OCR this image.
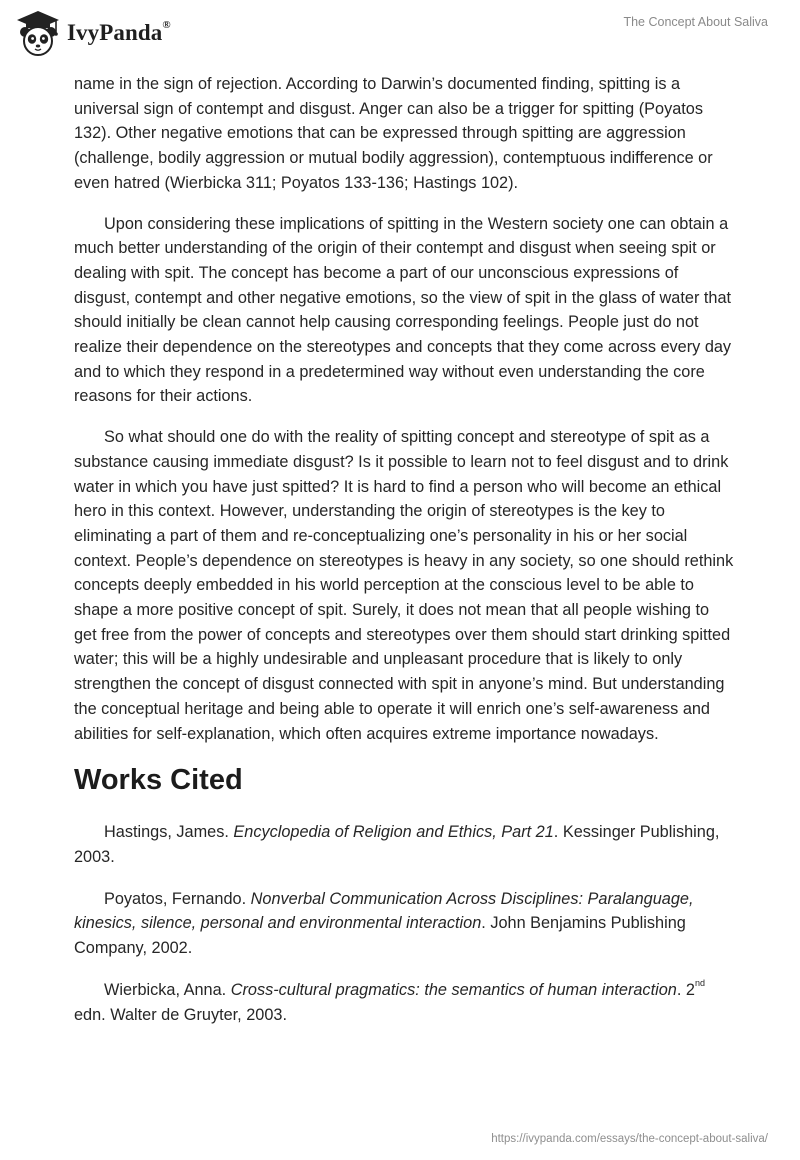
IvyPanda®	The Concept About Saliva

name in the sign of rejection. According to Darwin’s documented finding, spitting is a universal sign of contempt and disgust. Anger can also be a trigger for spitting (Poyatos 132). Other negative emotions that can be expressed through spitting are aggression (challenge, bodily aggression or mutual bodily aggression), contemptuous indifference or even hatred (Wierbicka 311; Poyatos 133-136; Hastings 102).

Upon considering these implications of spitting in the Western society one can obtain a much better understanding of the origin of their contempt and disgust when seeing spit or dealing with spit. The concept has become a part of our unconscious expressions of disgust, contempt and other negative emotions, so the view of spit in the glass of water that should initially be clean cannot help causing corresponding feelings. People just do not realize their dependence on the stereotypes and concepts that they come across every day and to which they respond in a predetermined way without even understanding the core reasons for their actions.

So what should one do with the reality of spitting concept and stereotype of spit as a substance causing immediate disgust? Is it possible to learn not to feel disgust and to drink water in which you have just spitted? It is hard to find a person who will become an ethical hero in this context. However, understanding the origin of stereotypes is the key to eliminating a part of them and re-conceptualizing one’s personality in his or her social context. People’s dependence on stereotypes is heavy in any society, so one should rethink concepts deeply embedded in his world perception at the conscious level to be able to shape a more positive concept of spit. Surely, it does not mean that all people wishing to get free from the power of concepts and stereotypes over them should start drinking spitted water; this will be a highly undesirable and unpleasant procedure that is likely to only strengthen the concept of disgust connected with spit in anyone’s mind. But understanding the conceptual heritage and being able to operate it will enrich one’s self-awareness and abilities for self-explanation, which often acquires extreme importance nowadays.

Works Cited

Hastings, James. Encyclopedia of Religion and Ethics, Part 21. Kessinger Publishing, 2003.

Poyatos, Fernando. Nonverbal Communication Across Disciplines: Paralanguage, kinesics, silence, personal and environmental interaction. John Benjamins Publishing Company, 2002.

Wierbicka, Anna. Cross-cultural pragmatics: the semantics of human interaction. 2nd edn. Walter de Gruyter, 2003.

https://ivypanda.com/essays/the-concept-about-saliva/
